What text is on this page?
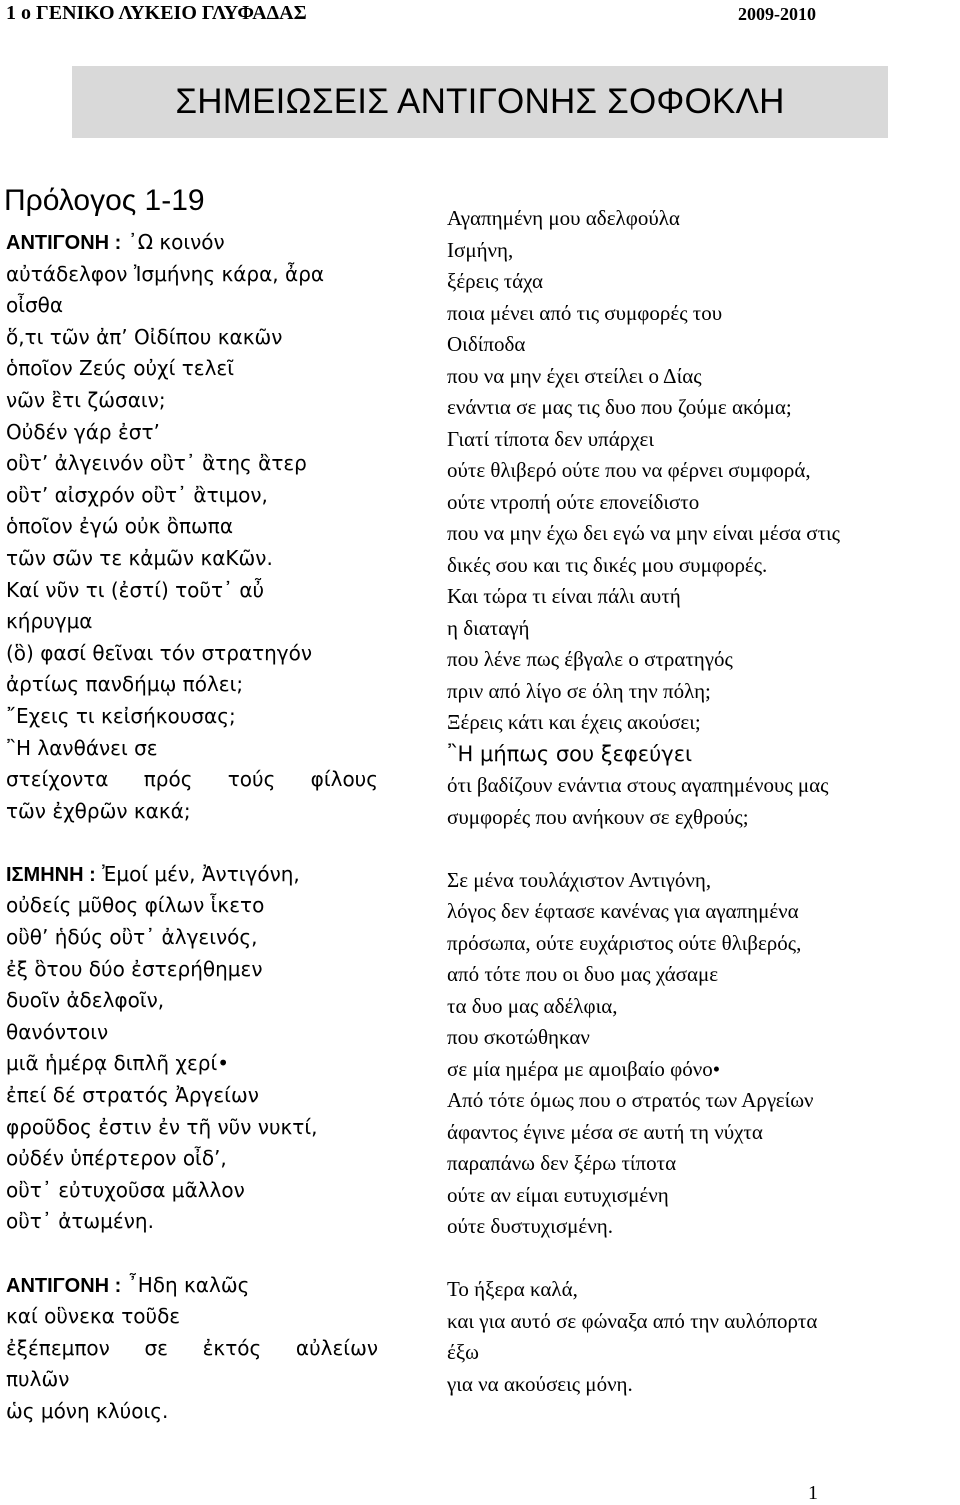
1 ο ΓΕΝΙΚΟ ΛΥΚΕΙΟ ΓΛΥΦΑΔΑΣ	2009-2010
ΣΗΜΕΙΩΣΕΙΣ ΑΝΤΙΓΟΝΗΣ ΣΟΦΟΚΛΗ
Πρόλογος 1-19
ΑΝΤΙΓΟΝΗ : ᾿Ω κοινόν
αὐτάδελφον Ἰσμήνης κάρα, ἆρα
οἶσθα
ὅ,τι τῶν ἀπ’ Οἰδίπου κακῶν
ὁποῖον Ζεύς οὐχί τελεῖ
νῶν ἒτι ζώσαιν;
Οὐδέν γάρ ἐστ’
οὒτ’ ἀλγεινόν οὒτ᾿ ἂτης ἂτερ
οὒτ’ αἰσχρόν οὒτ᾿ ἂτιμον,
ὁποῖον ἐγώ οὐκ ὂπωπα
τῶν σῶν τε κἀμῶν καΚῶν.
Καί νῦν τι (ἐστί) τοῦτ᾿ αὖ
κήρυγμα
(ὃ) φασί θεῖναι τόν στρατηγόν
ἀρτίως πανδήμῳ πόλει;
῎Εχεις τι κεἰσήκουσας;
῍Η λανθάνει σε
στείχοντα πρός τούς φίλους
τῶν ἐχθρῶν κακά;
ΙΣΜΗΝΗ : Ἐμοί μέν, Ἀντιγόνη,
οὐδείς μῦθος φίλων ἷκετο
οὒθ’ ἡδύς οὒτ᾿ ἀλγεινός,
ἐξ ὃτου δύο ἐστερήθημεν
δυοῖν ἀδελφοῖν,
θανόντοιν
μιᾶ ἡμέρᾳ διπλῆ χερί•
ἐπεί δέ στρατός Ἀργείων
φροῦδος ἐστιν ἐν τῆ νῦν νυκτί,
οὐδέν ὑπέρτερον οἶδ’,
οὒτ᾿ εὐτυχοῦσα μᾶλλον
οὒτ᾿ ἀτωμένη.
ΑΝΤΙΓΟΝΗ : ῏Ηδη καλῶς
καί οὓνεκα τοῦδε
ἐξέπεμπον σε ἐκτός αὐλείων
πυλῶν
ὡς μόνη κλύοις.
Αγαπημένη μου αδελφούλα
Ισμήνη,
ξέρεις τάχα
ποια μένει από τις συμφορές του
Οιδίποδα
που να μην έχει στείλει ο Δίας
ενάντια σε μας τις δυο που ζούμε ακόμα;
Γιατί τίποτα δεν υπάρχει
ούτε θλιβερό ούτε που να φέρνει συμφορά,
ούτε ντροπή ούτε επονείδιστο
που να μην έχω δει εγώ να μην είναι μέσα στις
δικές σου και τις δικές μου συμφορές.
Και τώρα τι είναι πάλι αυτή
η διαταγή
που λένε πως έβγαλε ο στρατηγός
πριν από λίγο σε όλη την πόλη;
Ξέρεις κάτι και έχεις ακούσει;
῍Η μήπως σου ξεφεύγει
ότι βαδίζουν ενάντια στους αγαπημένους μας
συμφορές που ανήκουν σε εχθρούς;
Σε μένα τουλάχιστον Αντιγόνη,
λόγος δεν έφτασε κανένας για αγαπημένα
πρόσωπα, ούτε ευχάριστος ούτε θλιβερός,
από τότε που οι δυο μας χάσαμε
τα δυο μας αδέλφια,
που σκοτώθηκαν
σε μία ημέρα με αμοιβαίο φόνο•
Από τότε όμως που ο στρατός των Αργείων
άφαντος έγινε μέσα σε αυτή τη νύχτα
παραπάνω δεν ξέρω τίποτα
ούτε αν είμαι ευτυχισμένη
ούτε δυστυχισμένη.
Το ήξερα καλά,
και για αυτό σε φώναξα από την αυλόπορτα
έξω
για να ακούσεις μόνη.
1
